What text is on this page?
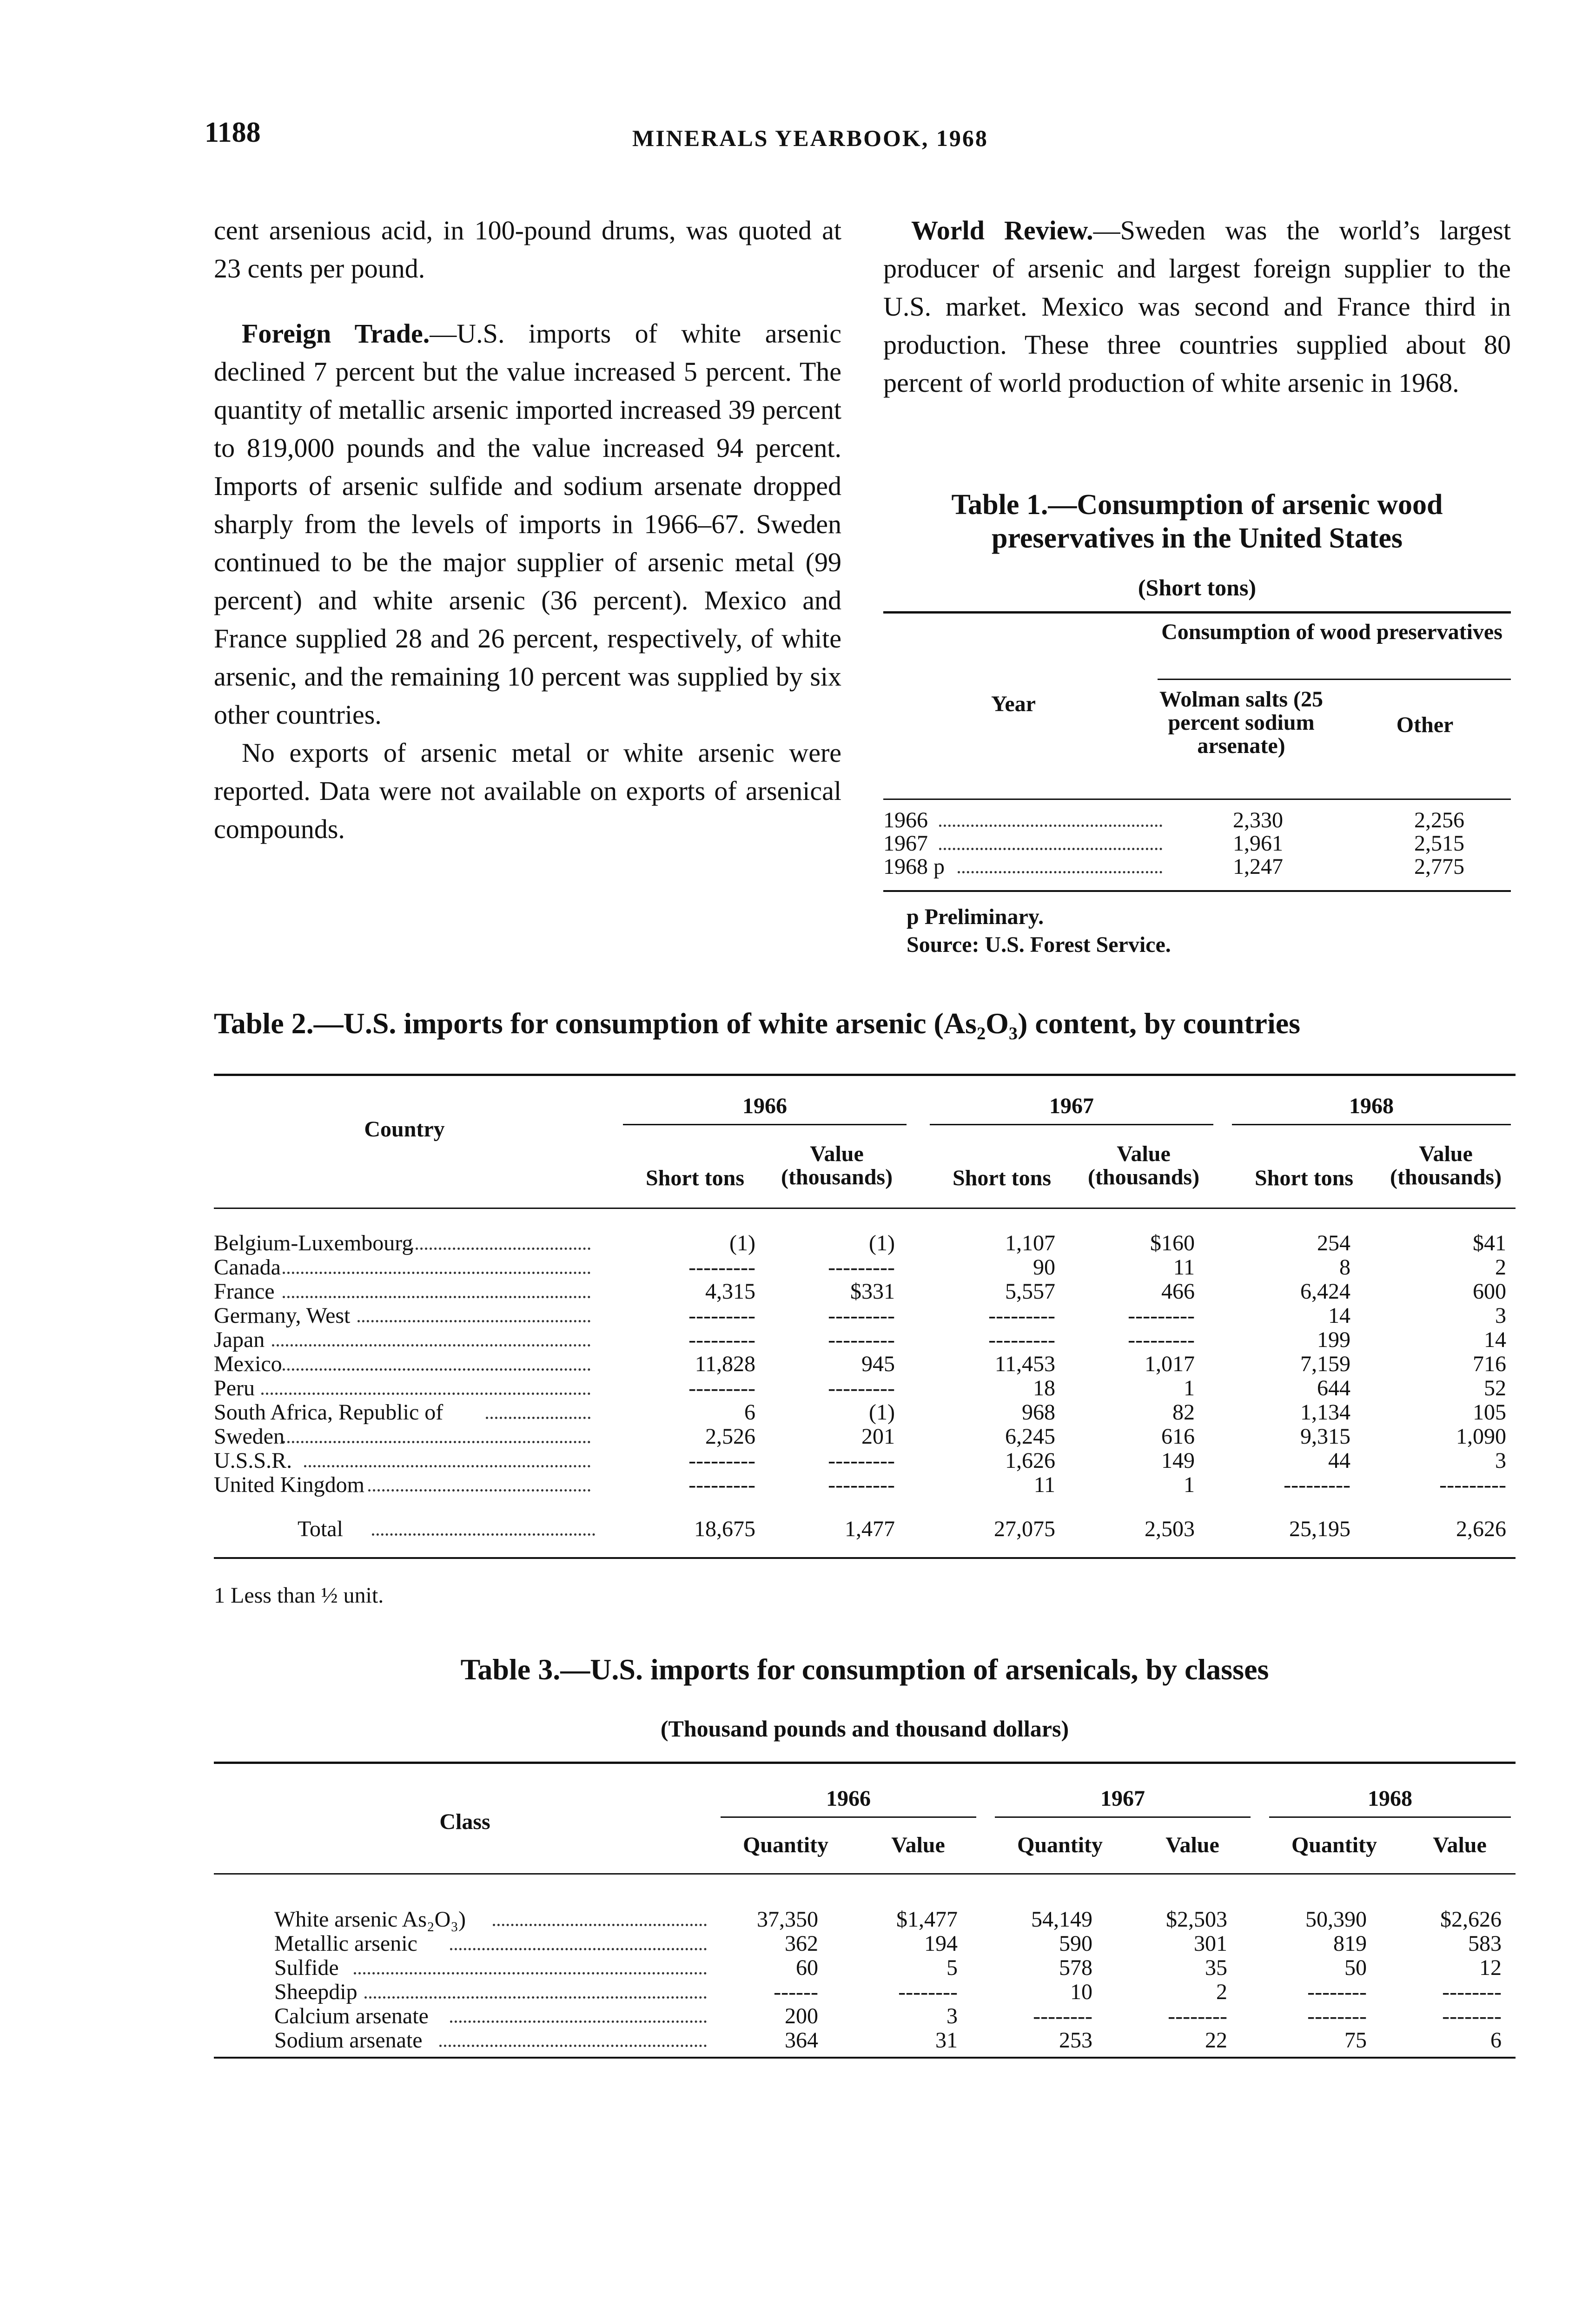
1188	MINERALS YEARBOOK, 1968

cent arsenious acid, in 100-pound drums, was quoted at 23 cents per pound.

Foreign Trade.—U.S. imports of white arsenic declined 7 percent but the value increased 5 percent. The quantity of metallic arsenic imported increased 39 percent to 819,000 pounds and the value increased 94 percent. Imports of arsenic sulfide and sodium arsenate dropped sharply from the levels of imports in 1966–67. Sweden continued to be the major supplier of arsenic metal (99 percent) and white arsenic (36 percent). Mexico and France supplied 28 and 26 percent, respectively, of white arsenic, and the remaining 10 percent was supplied by six other countries.

No exports of arsenic metal or white arsenic were reported. Data were not available on exports of arsenical compounds.

World Review.—Sweden was the world’s largest producer of arsenic and largest foreign supplier to the U.S. market. Mexico was second and France third in production. These three countries supplied about 80 percent of world production of white arsenic in 1968.

Table 1.—Consumption of arsenic wood preservatives in the United States
(Short tons)
Year
Consumption of wood preservatives
Wolman salts (25 percent sodium arsenate)
Other
1966	2,330	2,256
1967	1,961	2,515
1968 p	1,247	2,775
p Preliminary.
Source: U.S. Forest Service.
Table 2.—U.S. imports for consumption of white arsenic (As₂O₃) content, by countries
Country
1966
Short tons
Value (thousands)
1967
Short tons
Value (thousands)
1968
Short tons
Value (thousands)
Belgium-Luxembourg	(1)	(1)	1,107	$160	254	$41
Canada	---------	---------	90	11	8	2
France	4,315	$331	5,557	466	6,424	600
Germany, West	---------	---------	---------	---------	14	3
Japan	---------	---------	---------	---------	199	14
Mexico	11,828	945	11,453	1,017	7,159	716
Peru	---------	---------	18	1	644	52
South Africa, Republic of	6	(1)	968	82	1,134	105
Sweden	2,526	201	6,245	616	9,315	1,090
U.S.S.R.	---------	---------	1,626	149	44	3
United Kingdom	---------	---------	11	1	---------	---------
Total	18,675	1,477	27,075	2,503	25,195	2,626
1 Less than ½ unit.
Table 3.—U.S. imports for consumption of arsenicals, by classes
(Thousand pounds and thousand dollars)
Class
1966
Quantity	Value
1967
Quantity	Value
1968
Quantity	Value
White arsenic As₂O₃)	37,350	$1,477	54,149	$2,503	50,390	$2,626
Metallic arsenic	362	194	590	301	819	583
Sulfide	60	5	578	35	50	12
Sheepdip	------	--------	10	2	--------	--------
Calcium arsenate	200	3	--------	--------	--------	--------
Sodium arsenate	364	31	253	22	75	6
